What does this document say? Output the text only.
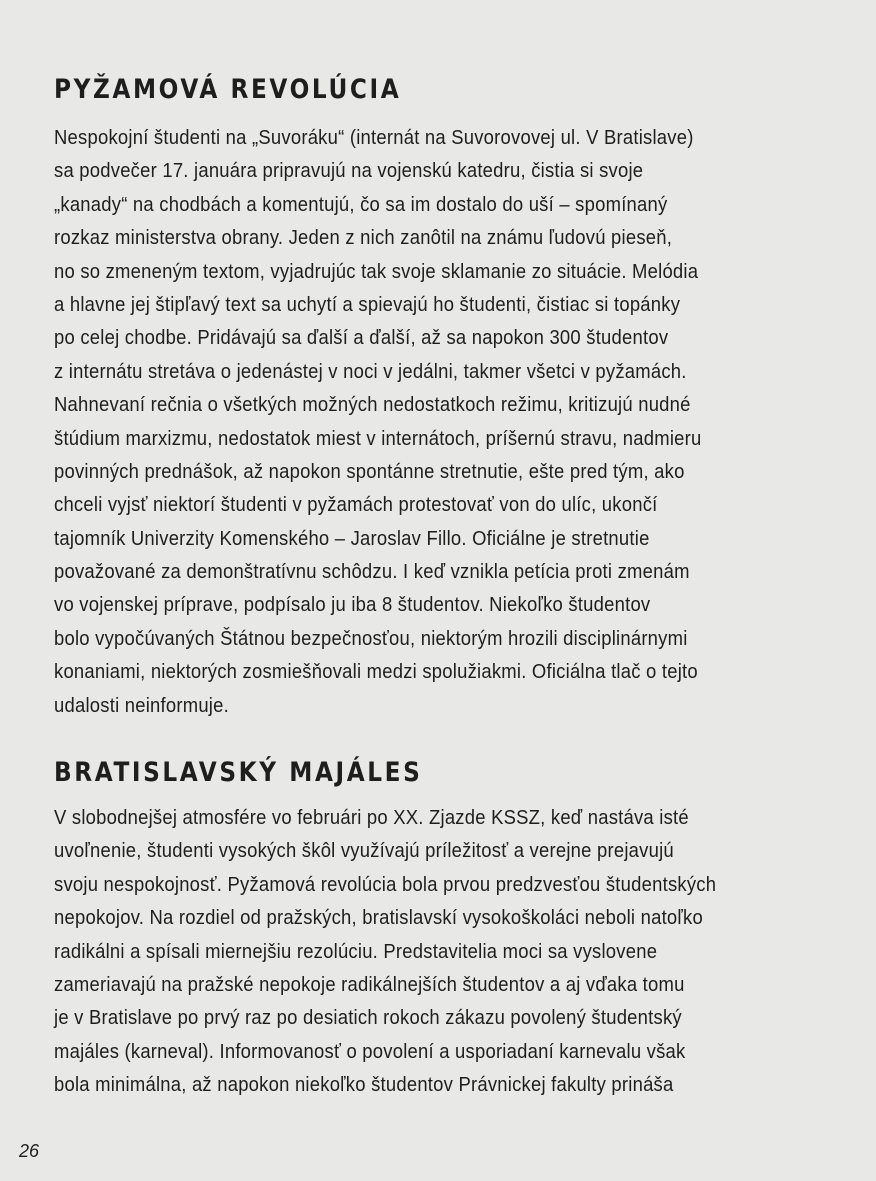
PYŽAMOVÁ REVOLÚCIA
Nespokojní študenti na „Suvoráku“ (internát na Suvorovovej ul. V Bratislave)
sa podvečer 17. januára pripravujú na vojenskú katedru, čistia si svoje
„kanady“ na chodbách a komentujú, čo sa im dostalo do uší – spomínaný
rozkaz ministerstva obrany. Jeden z nich zanôtil na známu ľudovú pieseň,
no so zmeneným textom, vyjadrujúc tak svoje sklamanie zo situácie. Melódia
a hlavne jej štipľavý text sa uchytí a spievajú ho študenti, čistiac si topánky
po celej chodbe. Pridávajú sa ďalší a ďalší, až sa napokon 300 študentov
z internátu stretáva o jedenástej v noci v jedálni, takmer všetci v pyžamách.
Nahnevaní rečnia o všetkých možných nedostatkoch režimu, kritizujú nudné
štúdium marxizmu, nedostatok miest v internátoch, príšernú stravu, nadmieru
povinných prednášok, až napokon spontánne stretnutie, ešte pred tým, ako
chceli vyjsť niektorí študenti v pyžamách protestovať von do ulíc, ukončí
tajomník Univerzity Komenského – Jaroslav Fillo. Oficiálne je stretnutie
považované za demonštratívnu schôdzu. I keď vznikla petícia proti zmenám
vo vojenskej príprave, podpísalo ju iba 8 študentov. Niekoľko študentov
bolo vypočúvaných Štátnou bezpečnosťou, niektorým hrozili disciplinárnymi
konaniami, niektorých zosmiešňovali medzi spolužiakmi. Oficiálna tlač o tejto
udalosti neinformuje.
BRATISLAVSKÝ MAJÁLES
V slobodnejšej atmosfére vo februári po XX. Zjazde KSSZ, keď nastáva isté
uvoľnenie, študenti vysokých škôl využívajú príležitosť a verejne prejavujú
svoju nespokojnosť. Pyžamová revolúcia bola prvou predzvesťou študentských
nepokojov. Na rozdiel od pražských, bratislavskí vysokoškoláci neboli natoľko
radikálni a spísali miernejšiu rezolúciu. Predstavitelia moci sa vyslovene
zameriavajú na pražské nepokoje radikálnejších študentov a aj vďaka tomu
je v Bratislave po prvý raz po desiatich rokoch zákazu povolený študentský
majáles (karneval). Informovanosť o povolení a usporiadaní karnevalu však
bola minimálna, až napokon niekoľko študentov Právnickej fakulty prináša

26
